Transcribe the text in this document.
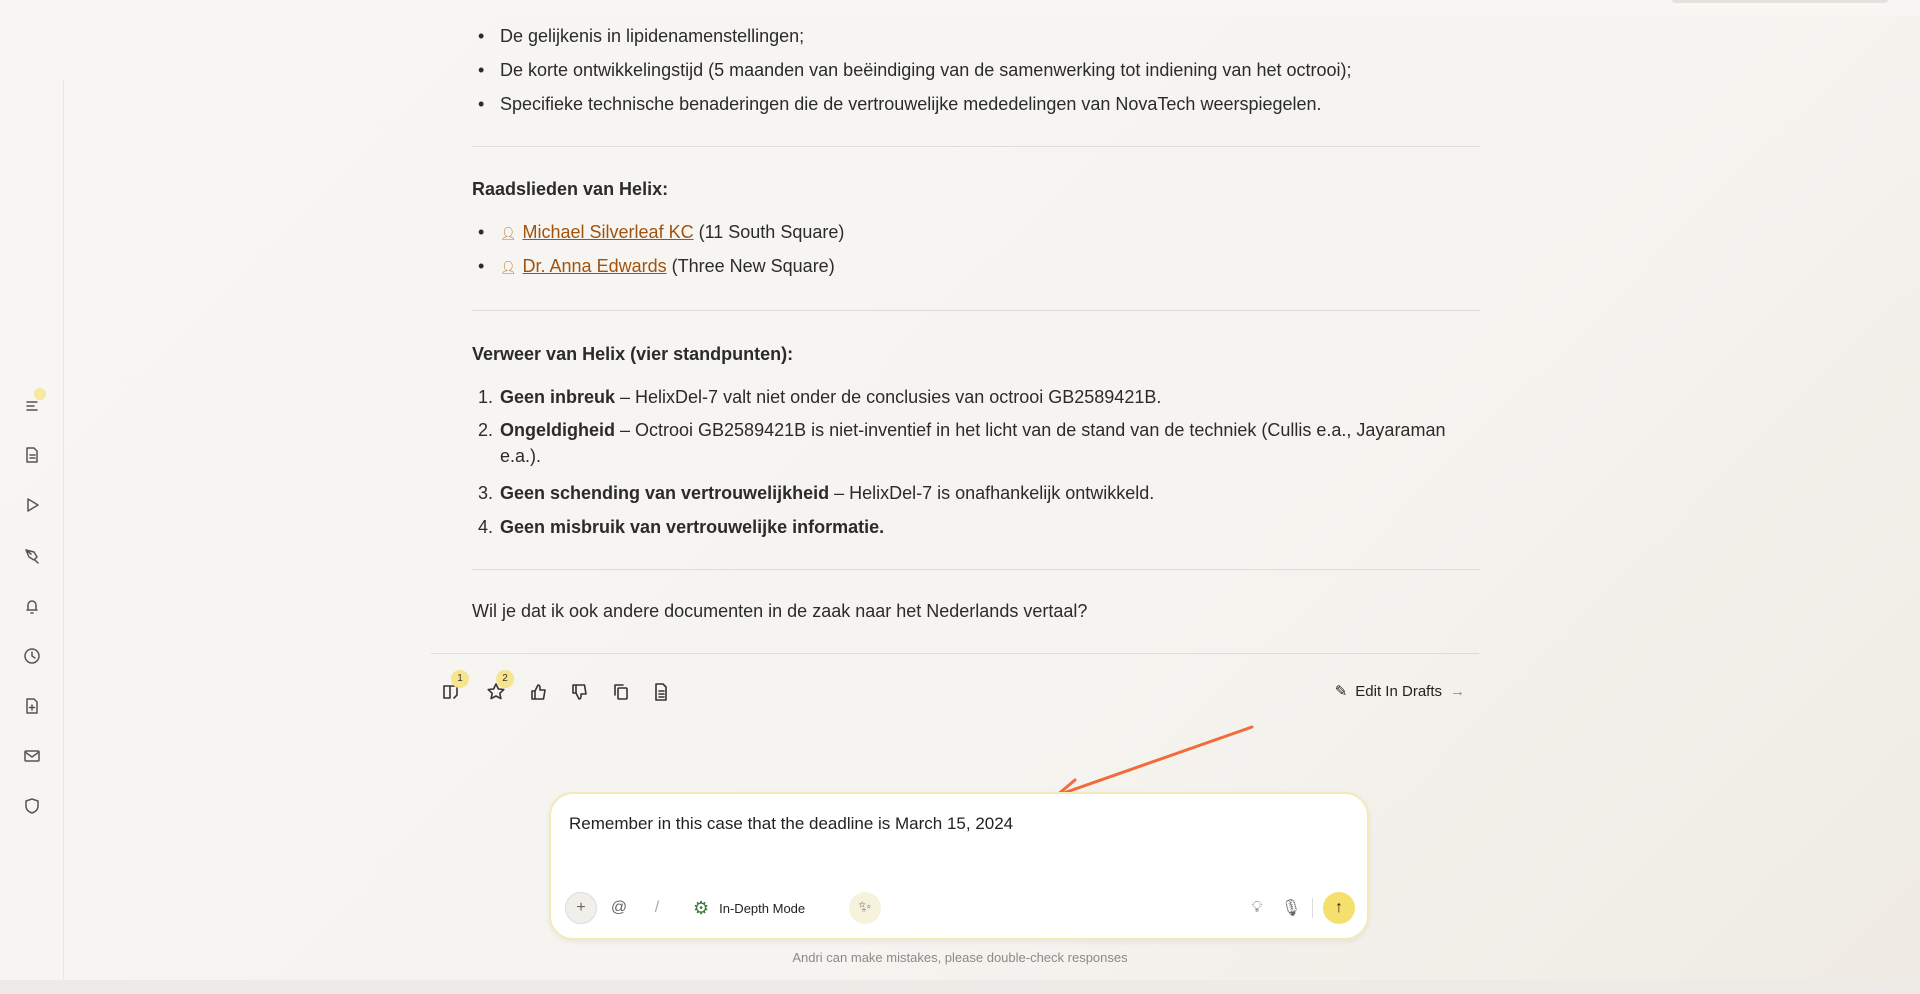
• De gelijkenis in lipidenamenstellingen;
• De korte ontwikkelingstijd (5 maanden van beëindiging van de samenwerking tot indiening van het octrooi);
• Specifieke technische benaderingen die de vertrouwelijke mededelingen van NovaTech weerspiegelen.
Raadslieden van Helix:
• 👤︎ Michael Silverleaf KC (11 South Square)
• 👤︎ Dr. Anna Edwards (Three New Square)
Verweer van Helix (vier standpunten):
1. Geen inbreuk – HelixDel-7 valt niet onder de conclusies van octrooi GB2589421B.
2. Ongeldigheid – Octrooi GB2589421B is niet-inventief in het licht van de stand van de techniek (Cullis e.a., Jayaraman
e.a.).
3. Geen schending van vertrouwelijkheid – HelixDel-7 is onafhankelijk ontwikkeld.
4. Geen misbruik van vertrouwelijke informatie.
Wil je dat ik ook andere documenten in de zaak naar het Nederlands vertaal?
1	2
✎ Edit In Drafts →
Remember in this case that the deadline is March 15, 2024
+ @ / ⚙ In-Depth Mode	✨︎	💡︎ 🎙︎ ↑
Andri can make mistakes, please double-check responses
